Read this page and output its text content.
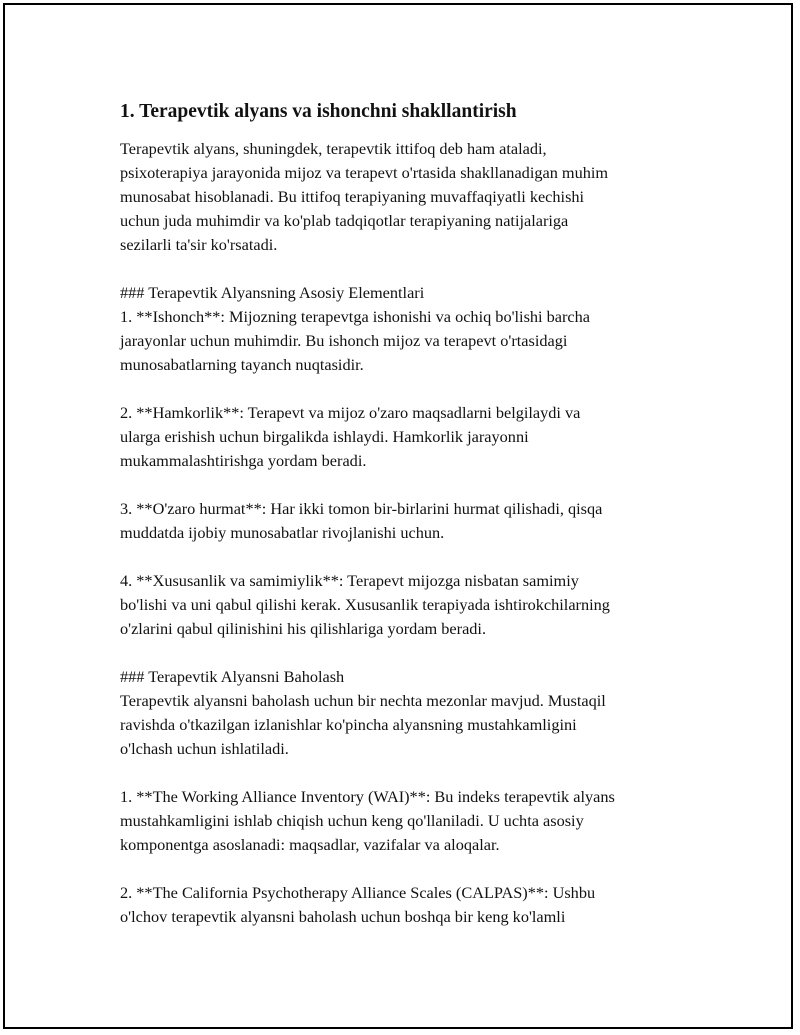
1. Terapevtik alyans va ishonchni shakllantirish
Terapevtik alyans, shuningdek, terapevtik ittifoq deb ham ataladi,
psixoterapiya jarayonida mijoz va terapevt o'rtasida shakllanadigan muhim
munosabat hisoblanadi. Bu ittifoq terapiyaning muvaffaqiyatli kechishi
uchun juda muhimdir va ko'plab tadqiqotlar terapiyaning natijalariga
sezilarli ta'sir ko'rsatadi.
### Terapevtik Alyansning Asosiy Elementlari
1. **Ishonch**: Mijozning terapevtga ishonishi va ochiq bo'lishi barcha
jarayonlar uchun muhimdir. Bu ishonch mijoz va terapevt o'rtasidagi
munosabatlarning tayanch nuqtasidir.
2. **Hamkorlik**: Terapevt va mijoz o'zaro maqsadlarni belgilaydi va
ularga erishish uchun birgalikda ishlaydi. Hamkorlik jarayonni
mukammalashtirishga yordam beradi.
3. **O'zaro hurmat**: Har ikki tomon bir-birlarini hurmat qilishadi, qisqa
muddatda ijobiy munosabatlar rivojlanishi uchun.
4. **Xususanlik va samimiylik**: Terapevt mijozga nisbatan samimiy
bo'lishi va uni qabul qilishi kerak. Xususanlik terapiyada ishtirokchilarning
o'zlarini qabul qilinishini his qilishlariga yordam beradi.
### Terapevtik Alyansni Baholash
Terapevtik alyansni baholash uchun bir nechta mezonlar mavjud. Mustaqil
ravishda o'tkazilgan izlanishlar ko'pincha alyansning mustahkamligini
o'lchash uchun ishlatiladi.
1. **The Working Alliance Inventory (WAI)**: Bu indeks terapevtik alyans
mustahkamligini ishlab chiqish uchun keng qo'llaniladi. U uchta asosiy
komponentga asoslanadi: maqsadlar, vazifalar va aloqalar.
2. **The California Psychotherapy Alliance Scales (CALPAS)**: Ushbu
o'lchov terapevtik alyansni baholash uchun boshqa bir keng ko'lamli
